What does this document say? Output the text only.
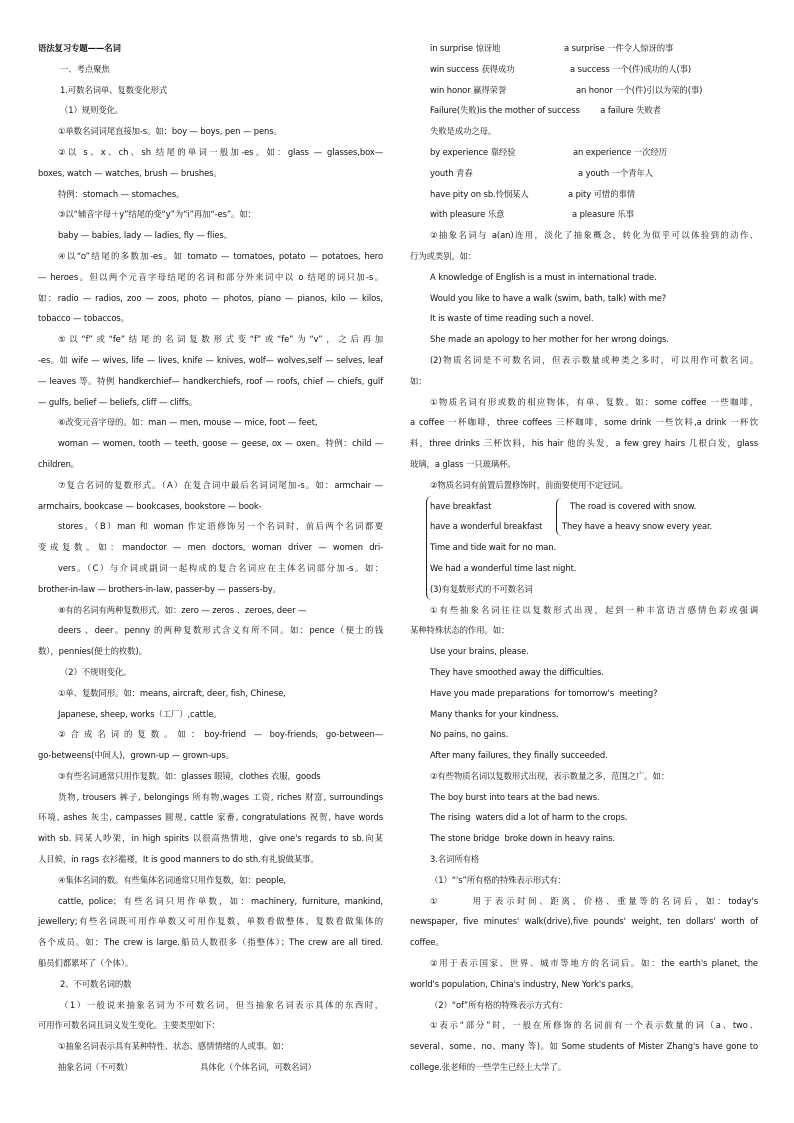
语法复习专题——名词
一、考点聚焦
1.可数名词单、复数变化形式
（1）规则变化。
①单数名词词尾直接加-s。如：boy — boys, pen — pens。
②以 s、x、ch、sh 结尾的单词一般加-es。如：glass — glasses,box—
boxes, watch — watches, brush — brushes。
特例：stomach — stomaches。
③以“辅音字母＋y”结尾的变“y”为“i”再加“-es”。如：
baby — babies, lady — ladies, fly — flies。
④以“o”结尾的多数加-es。如 tomato — tomatoes, potato — potatoes, hero
— heroes。但以两个元音字母结尾的名词和部分外来词中以 o 结尾的词只加-s。
如：radio — radios, zoo — zoos, photo — photos, piano — pianos, kilo — kilos,
tobacco — tobaccos。
⑤以“f”或“fe”结尾的名词复数形式变“f”或“fe”为“v”，之后再加
-es。如 wife — wives, life — lives, knife — knives, wolf— wolves,self — selves, leaf
— leaves 等。特例 handkerchief— handkerchiefs, roof — roofs, chief — chiefs, gulf
— gulfs, belief — beliefs, cliff — cliffs。
⑥改变元音字母的。如：man — men, mouse — mice, foot — feet,
woman — women, tooth — teeth, goose — geese, ox — oxen。特例：child —
children。
⑦复合名词的复数形式。（A）在复合词中最后名词词尾加-s。如：armchair —
armchairs, bookcase — bookcases, bookstore — book-
stores。（B）man 和 woman 作定语修饰另一个名词时，前后两个名词都要
变成复数。如：mandoctor — men doctors, woman driver — women dri-
vers。（C）与介词或副词一起构成的复合名词应在主体名词部分加-s。如：
brother-in-law — brothers-in-law, passer-by — passers-by。
⑧有的名词有两种复数形式。如：zero — zeros 、zeroes, deer —
deers 、deer。penny 的两种复数形式含义有所不同。如：pence（便士的钱
数），pennies(便士的枚数)。
（2）不规则变化。
①单、复数同形。如：means, aircraft, deer, fish, Chinese,
Japanese, sheep, works（工厂）,cattle。
②合成名词的复数。如：boy-friend — boy-friends, go-between—
go-betweens(中间人)，grown-up — grown-ups。
③有些名词通常只用作复数。如：glasses 眼镜，clothes 衣服，goods
货物, trousers 裤子, belongings 所有物,wages 工资, riches 财富, surroundings
环境, ashes 灰尘, campasses 圆规, cattle 家畜, congratulations 祝贺, have words
with sb. 同某人吵架，in high spirits 以很高热情地，give one's regards to sb.向某
人目候，in rags 衣衫褴褛，It is good manners to do sth.有礼貌做某事。
④集体名词的数。有些集体名词通常只用作复数，如：people,
cattle, police；有些名词只用作单数，如：machinery, furniture, mankind,
jewellery;有些名词既可用作单数又可用作复数，单数看做整体，复数看做集体的
各个成员。如：The crew is large.船员人数很多（指整体）；The crew are all tired.
船员们都累坏了（个体）。
2、不可数名词的数
（1）一般说来抽象名词为不可数名词，但当抽象名词表示具体的东西时，
可用作可数名词且词义发生变化。主要类型如下：
①抽象名词表示具有某种特性、状态、感情情绪的人或事。如：
抽象名词（不可数）	具体化（个体名词，可数名词）
in surprise 惊讶地	a surprise 一件令人惊讶的事
win success 获得成功	a success 一个(件)成功的人(事)
win honor 赢得荣誉	an honor 一个(件)引以为荣的(事)
Failure(失败)is the mother of success        a failure 失败者
失败是成功之母。
by experience 靠经验	an experience 一次经历
youth 青春	a youth 一个青年人
have pity on sb.怜悯某人	a pity 可惜的事情
with pleasure 乐意	a pleasure 乐事
②抽象名词与 a(an)连用，淡化了抽象概念，转化为似乎可以体验到的动作、
行为或类别。如：
A knowledge of English is a must in international trade.
Would you like to have a walk (swim, bath, talk) with me?
It is waste of time reading such a novel.
She made an apology to her mother for her wrong doings.
(2)物质名词是不可数名词，但表示数量或种类之多时，可以用作可数名词。
如：
①物质名词有形或数的相应物体，有单、复数。如：some coffee 一些咖啡，
a coffee 一杯咖啡，three coffees 三杯咖啡，some drink 一些饮料,a drink 一杯饮
料，three drinks 三杯饮料，his hair 他的头发，a few grey hairs 几根白发，glass
玻璃，a glass 一只玻璃杯。
②物质名词有前置后置修饰时，前面要使用不定冠词。
have breakfast	The road is covered with snow.
have a wonderful breakfast	They have a heavy snow every year.
Time and tide wait for no man.
We had a wonderful time last night.
(3)有复数形式的不可数名词
①有些抽象名词往往以复数形式出现，起到一种丰富语言感情色彩或强调
某种特殊状态的作用。如：
Use your brains, please.
They have smoothed away the difficulties.
Have you made preparations  for tomorrow's  meeting?
Many thanks for your kindness.
No pains, no gains.
After many failures, they finally succeeded.
②有些物质名词以复数形式出现，表示数量之多，范围之广。如：
The boy burst into tears at the bad news.
The rising  waters did a lot of harm to the crops.
The stone bridge  broke down in heavy rains.
3.名词所有格
（1）“'s”所有格的特殊表示形式有：
①      用于表示时间、距离、价格、重量等的名词后，如：today's
newspaper, five minutes' walk(drive),five pounds' weight, ten dollars' worth of
coffee。
②用于表示国家、世界、城市等地方的名词后。如：the earth's planet, the
world's population, China's industry, New York's parks。
（2）“of”所有格的特殊表示方式有：
①表示“部分”时，一般在所修饰的名词前有一个表示数量的词（a、two、
several、some、no、many 等)。如 Some students of Mister Zhang's have gone to
college.张老师的一些学生已经上大学了。
